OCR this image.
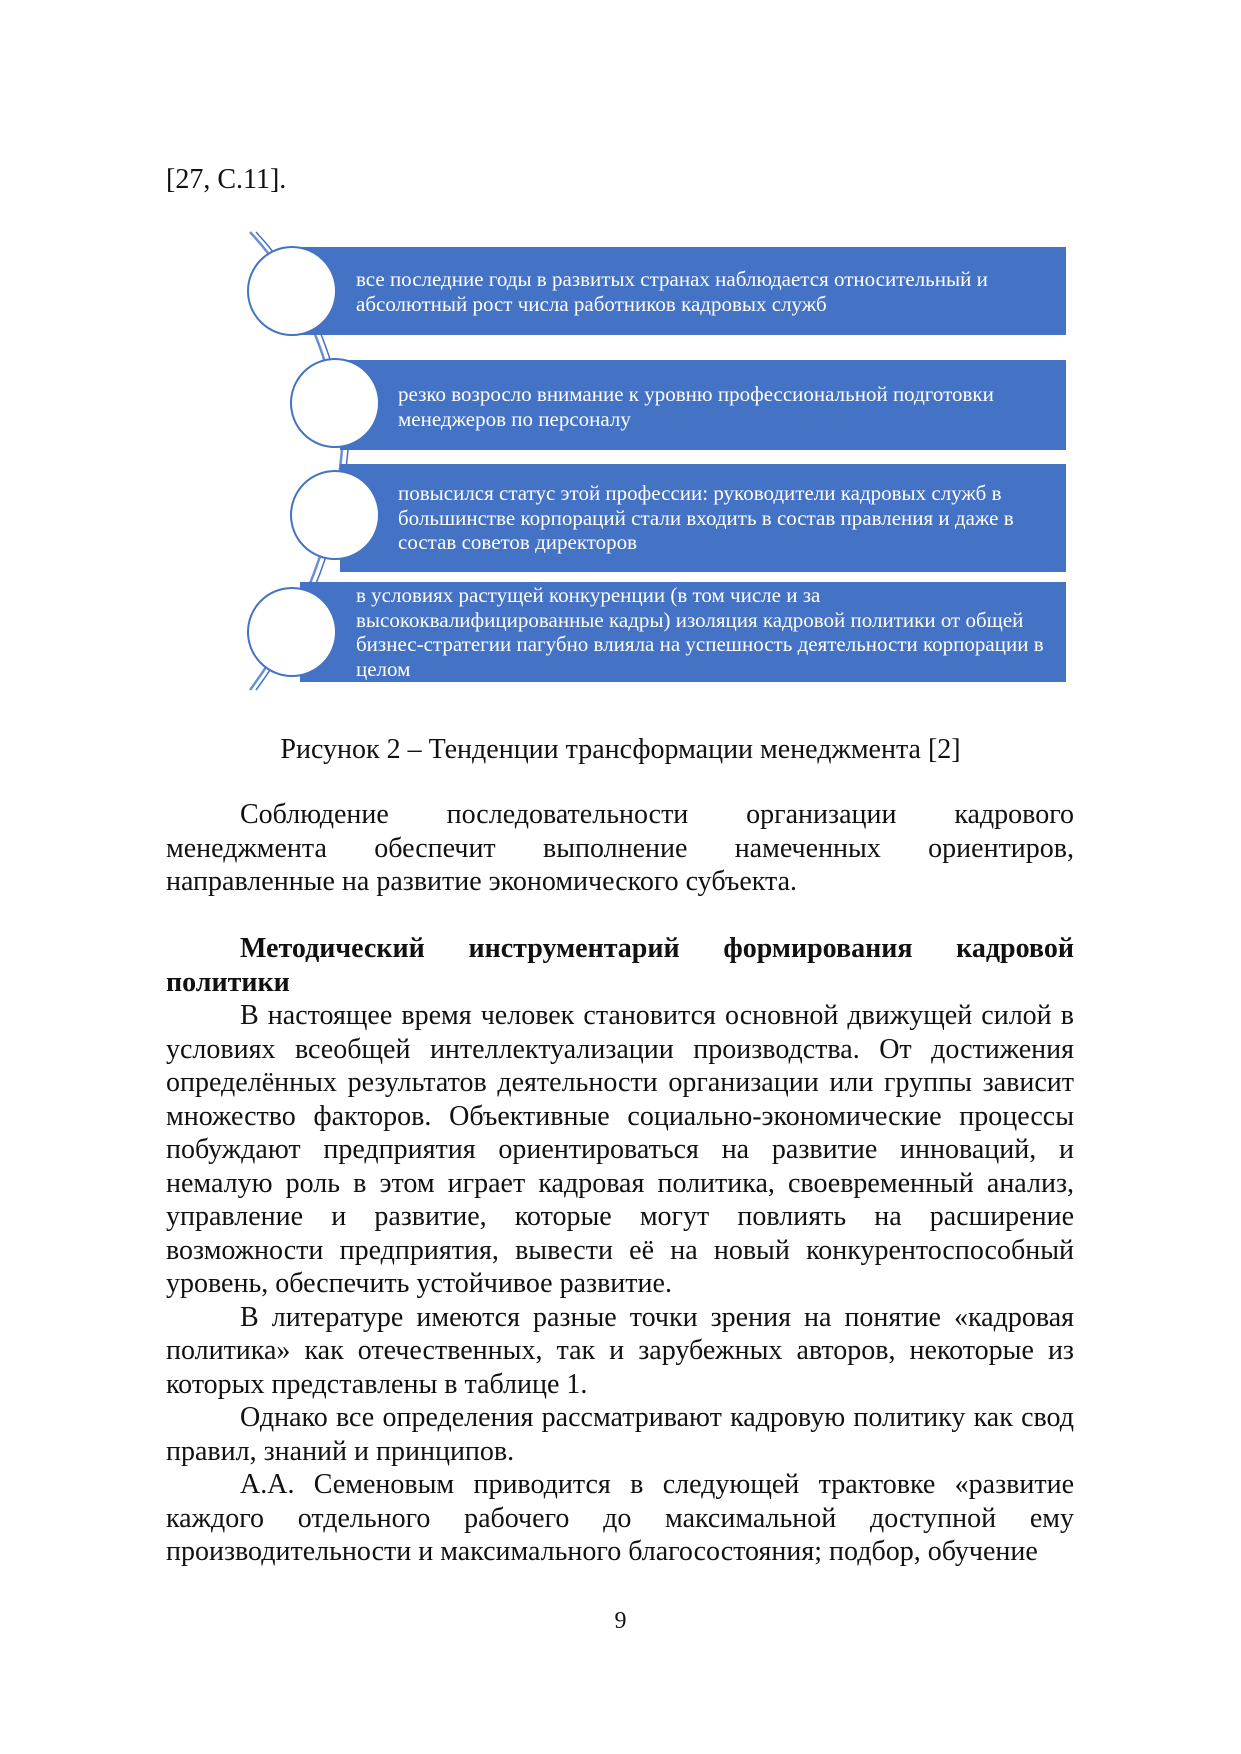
[27, С.11].
все последние годы в развитых странах наблюдается относительный и абсолютный рост числа работников кадровых служб
резко возросло внимание к уровню профессиональной подготовки менеджеров по персоналу
повысился статус этой профессии: руководители кадровых служб в большинстве корпораций стали входить в состав правления и даже в состав советов директоров
в условиях растущей конкуренции (в том числе и за высококвалифицированные кадры) изоляция кадровой политики от общей бизнес-стратегии пагубно влияла на успешность деятельности корпорации в целом
Рисунок 2 – Тенденции трансформации менеджмента [2]

Соблюдение последовательности организации кадрового менеджмента обеспечит выполнение намеченных ориентиров, направленные на развитие экономического субъекта.

Методический инструментарий формирования кадровой политики

В настоящее время человек становится основной движущей силой в условиях всеобщей интеллектуализации производства. От достижения определённых результатов деятельности организации или группы зависит множество факторов. Объективные социально-экономические процессы побуждают предприятия ориентироваться на развитие инноваций, и немалую роль в этом играет кадровая политика, своевременный анализ, управление и развитие, которые могут повлиять на расширение возможности предприятия, вывести её на новый конкурентоспособный уровень, обеспечить устойчивое развитие.

В литературе имеются разные точки зрения на понятие «кадровая политика» как отечественных, так и зарубежных авторов, некоторые из которых представлены в таблице 1.

Однако все определения рассматривают кадровую политику как свод правил, знаний и принципов.

А.А. Семеновым приводится в следующей трактовке «развитие каждого отдельного рабочего до максимальной доступной ему производительности и максимального благосостояния; подбор, обучение

9
